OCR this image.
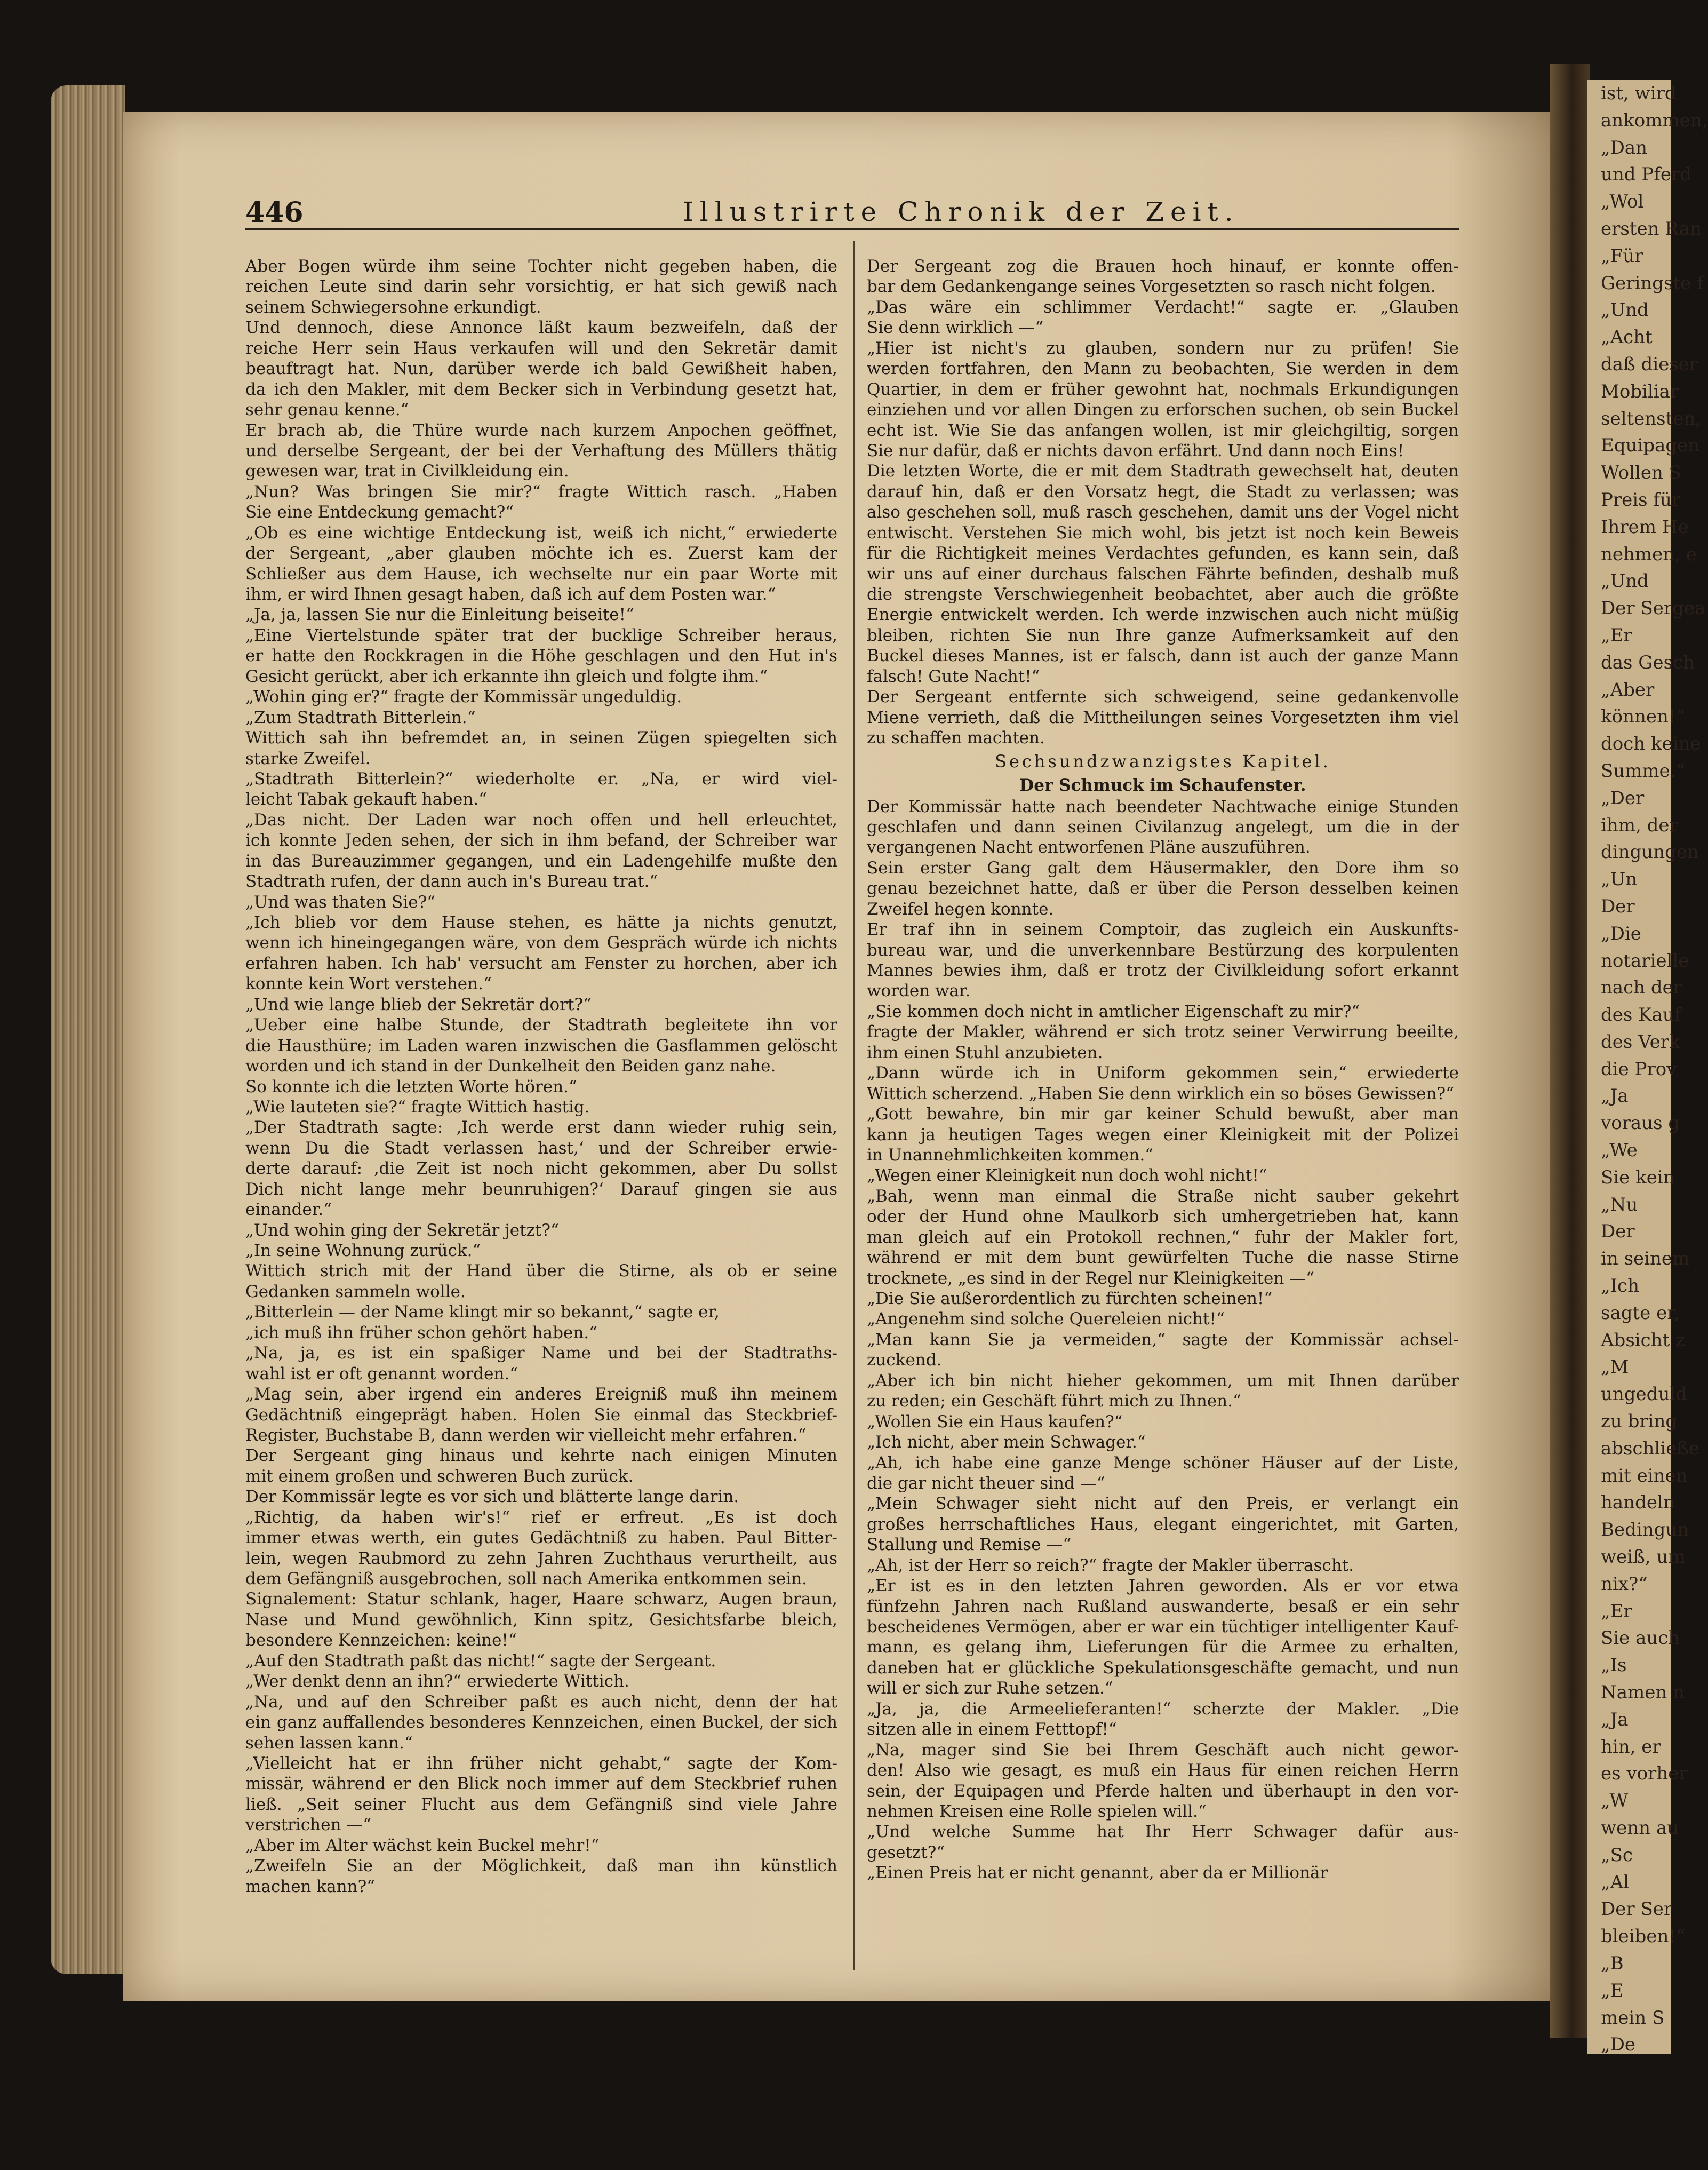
ist, wird
ankommen,
„Dan
und Pferd
„Wol
ersten Ran
„Für
Geringste f
„Und
„Acht
daß dieser
Mobiliar
seltensten,
Equipagen
Wollen S
Preis für
Ihrem He
nehmen, e
„Und
Der Sergea
„Er
das Gesch
„Aber
können!“
doch keine
Summe.“
„Der
ihm, der
dingungen
„Un
Der
„Die
notarielle
nach der
des Kauf
des Verk
die Prov
„Ja
voraus g
„We
Sie kein
„Nu
Der
in seinem
„Ich
sagte er,
Absicht z
„M
ungeduld
zu bring
abschließe
mit einen
handeln
Bedingun
weiß, um
nix?“
„Er
Sie auch
„Is
Namen n
„Ja
hin, er
es vorher
„W
wenn au
„Sc
„Al
Der Ser
bleiben!“
„B
„E
mein S
„De
446	Illustrirte Chronik der Zeit.
Aber Bogen würde ihm seine Tochter nicht gegeben haben, die
reichen Leute sind darin sehr vorsichtig, er hat sich gewiß nach
seinem Schwiegersohne erkundigt.
Und dennoch, diese Annonce läßt kaum bezweifeln, daß der
reiche Herr sein Haus verkaufen will und den Sekretär damit
beauftragt hat. Nun, darüber werde ich bald Gewißheit haben,
da ich den Makler, mit dem Becker sich in Verbindung gesetzt hat,
sehr genau kenne.“
Er brach ab, die Thüre wurde nach kurzem Anpochen geöffnet,
und derselbe Sergeant, der bei der Verhaftung des Müllers thätig
gewesen war, trat in Civilkleidung ein.
„Nun? Was bringen Sie mir?“ fragte Wittich rasch. „Haben
Sie eine Entdeckung gemacht?“
„Ob es eine wichtige Entdeckung ist, weiß ich nicht,“ erwiederte
der Sergeant, „aber glauben möchte ich es. Zuerst kam der
Schließer aus dem Hause, ich wechselte nur ein paar Worte mit
ihm, er wird Ihnen gesagt haben, daß ich auf dem Posten war.“
„Ja, ja, lassen Sie nur die Einleitung beiseite!“
„Eine Viertelstunde später trat der bucklige Schreiber heraus,
er hatte den Rockkragen in die Höhe geschlagen und den Hut in's
Gesicht gerückt, aber ich erkannte ihn gleich und folgte ihm.“
„Wohin ging er?“ fragte der Kommissär ungeduldig.
„Zum Stadtrath Bitterlein.“
Wittich sah ihn befremdet an, in seinen Zügen spiegelten sich
starke Zweifel.
„Stadtrath Bitterlein?“ wiederholte er. „Na, er wird viel-
leicht Tabak gekauft haben.“
„Das nicht. Der Laden war noch offen und hell erleuchtet,
ich konnte Jeden sehen, der sich in ihm befand, der Schreiber war
in das Bureauzimmer gegangen, und ein Ladengehilfe mußte den
Stadtrath rufen, der dann auch in's Bureau trat.“
„Und was thaten Sie?“
„Ich blieb vor dem Hause stehen, es hätte ja nichts genutzt,
wenn ich hineingegangen wäre, von dem Gespräch würde ich nichts
erfahren haben. Ich hab' versucht am Fenster zu horchen, aber ich
konnte kein Wort verstehen.“
„Und wie lange blieb der Sekretär dort?“
„Ueber eine halbe Stunde, der Stadtrath begleitete ihn vor
die Hausthüre; im Laden waren inzwischen die Gasflammen gelöscht
worden und ich stand in der Dunkelheit den Beiden ganz nahe.
So konnte ich die letzten Worte hören.“
„Wie lauteten sie?“ fragte Wittich hastig.
„Der Stadtrath sagte: ‚Ich werde erst dann wieder ruhig sein,
wenn Du die Stadt verlassen hast,‘ und der Schreiber erwie-
derte darauf: ‚die Zeit ist noch nicht gekommen, aber Du sollst
Dich nicht lange mehr beunruhigen?‘ Darauf gingen sie aus
einander.“
„Und wohin ging der Sekretär jetzt?“
„In seine Wohnung zurück.“
Wittich strich mit der Hand über die Stirne, als ob er seine
Gedanken sammeln wolle.
„Bitterlein — der Name klingt mir so bekannt,“ sagte er,
„ich muß ihn früher schon gehört haben.“
„Na, ja, es ist ein spaßiger Name und bei der Stadtraths-
wahl ist er oft genannt worden.“
„Mag sein, aber irgend ein anderes Ereigniß muß ihn meinem
Gedächtniß eingeprägt haben. Holen Sie einmal das Steckbrief-
Register, Buchstabe B, dann werden wir vielleicht mehr erfahren.“
Der Sergeant ging hinaus und kehrte nach einigen Minuten
mit einem großen und schweren Buch zurück.
Der Kommissär legte es vor sich und blätterte lange darin.
„Richtig, da haben wir's!“ rief er erfreut. „Es ist doch
immer etwas werth, ein gutes Gedächtniß zu haben. Paul Bitter-
lein, wegen Raubmord zu zehn Jahren Zuchthaus verurtheilt, aus
dem Gefängniß ausgebrochen, soll nach Amerika entkommen sein.
Signalement: Statur schlank, hager, Haare schwarz, Augen braun,
Nase und Mund gewöhnlich, Kinn spitz, Gesichtsfarbe bleich,
besondere Kennzeichen: keine!“
„Auf den Stadtrath paßt das nicht!“ sagte der Sergeant.
„Wer denkt denn an ihn?“ erwiederte Wittich.
„Na, und auf den Schreiber paßt es auch nicht, denn der hat
ein ganz auffallendes besonderes Kennzeichen, einen Buckel, der sich
sehen lassen kann.“
„Vielleicht hat er ihn früher nicht gehabt,“ sagte der Kom-
missär, während er den Blick noch immer auf dem Steckbrief ruhen
ließ. „Seit seiner Flucht aus dem Gefängniß sind viele Jahre
verstrichen —“
„Aber im Alter wächst kein Buckel mehr!“
„Zweifeln Sie an der Möglichkeit, daß man ihn künstlich
machen kann?“
Der Sergeant zog die Brauen hoch hinauf, er konnte offen-
bar dem Gedankengange seines Vorgesetzten so rasch nicht folgen.
„Das wäre ein schlimmer Verdacht!“ sagte er. „Glauben
Sie denn wirklich —“
„Hier ist nicht's zu glauben, sondern nur zu prüfen! Sie
werden fortfahren, den Mann zu beobachten, Sie werden in dem
Quartier, in dem er früher gewohnt hat, nochmals Erkundigungen
einziehen und vor allen Dingen zu erforschen suchen, ob sein Buckel
echt ist. Wie Sie das anfangen wollen, ist mir gleichgiltig, sorgen
Sie nur dafür, daß er nichts davon erfährt. Und dann noch Eins!
Die letzten Worte, die er mit dem Stadtrath gewechselt hat, deuten
darauf hin, daß er den Vorsatz hegt, die Stadt zu verlassen; was
also geschehen soll, muß rasch geschehen, damit uns der Vogel nicht
entwischt. Verstehen Sie mich wohl, bis jetzt ist noch kein Beweis
für die Richtigkeit meines Verdachtes gefunden, es kann sein, daß
wir uns auf einer durchaus falschen Fährte befinden, deshalb muß
die strengste Verschwiegenheit beobachtet, aber auch die größte
Energie entwickelt werden. Ich werde inzwischen auch nicht müßig
bleiben, richten Sie nun Ihre ganze Aufmerksamkeit auf den
Buckel dieses Mannes, ist er falsch, dann ist auch der ganze Mann
falsch! Gute Nacht!“
Der Sergeant entfernte sich schweigend, seine gedankenvolle
Miene verrieth, daß die Mittheilungen seines Vorgesetzten ihm viel
zu schaffen machten.
Sechsundzwanzigstes Kapitel.
Der Schmuck im Schaufenster.
Der Kommissär hatte nach beendeter Nachtwache einige Stunden
geschlafen und dann seinen Civilanzug angelegt, um die in der
vergangenen Nacht entworfenen Pläne auszuführen.
Sein erster Gang galt dem Häusermakler, den Dore ihm so
genau bezeichnet hatte, daß er über die Person desselben keinen
Zweifel hegen konnte.
Er traf ihn in seinem Comptoir, das zugleich ein Auskunfts-
bureau war, und die unverkennbare Bestürzung des korpulenten
Mannes bewies ihm, daß er trotz der Civilkleidung sofort erkannt
worden war.
„Sie kommen doch nicht in amtlicher Eigenschaft zu mir?“
fragte der Makler, während er sich trotz seiner Verwirrung beeilte,
ihm einen Stuhl anzubieten.
„Dann würde ich in Uniform gekommen sein,“ erwiederte
Wittich scherzend. „Haben Sie denn wirklich ein so böses Gewissen?“
„Gott bewahre, bin mir gar keiner Schuld bewußt, aber man
kann ja heutigen Tages wegen einer Kleinigkeit mit der Polizei
in Unannehmlichkeiten kommen.“
„Wegen einer Kleinigkeit nun doch wohl nicht!“
„Bah, wenn man einmal die Straße nicht sauber gekehrt
oder der Hund ohne Maulkorb sich umhergetrieben hat, kann
man gleich auf ein Protokoll rechnen,“ fuhr der Makler fort,
während er mit dem bunt gewürfelten Tuche die nasse Stirne
trocknete, „es sind in der Regel nur Kleinigkeiten —“
„Die Sie außerordentlich zu fürchten scheinen!“
„Angenehm sind solche Quereleien nicht!“
„Man kann Sie ja vermeiden,“ sagte der Kommissär achsel-
zuckend.
„Aber ich bin nicht hieher gekommen, um mit Ihnen darüber
zu reden; ein Geschäft führt mich zu Ihnen.“
„Wollen Sie ein Haus kaufen?“
„Ich nicht, aber mein Schwager.“
„Ah, ich habe eine ganze Menge schöner Häuser auf der Liste,
die gar nicht theuer sind —“
„Mein Schwager sieht nicht auf den Preis, er verlangt ein
großes herrschaftliches Haus, elegant eingerichtet, mit Garten,
Stallung und Remise —“
„Ah, ist der Herr so reich?“ fragte der Makler überrascht.
„Er ist es in den letzten Jahren geworden. Als er vor etwa
fünfzehn Jahren nach Rußland auswanderte, besaß er ein sehr
bescheidenes Vermögen, aber er war ein tüchtiger intelligenter Kauf-
mann, es gelang ihm, Lieferungen für die Armee zu erhalten,
daneben hat er glückliche Spekulationsgeschäfte gemacht, und nun
will er sich zur Ruhe setzen.“
„Ja, ja, die Armeelieferanten!“ scherzte der Makler. „Die
sitzen alle in einem Fetttopf!“
„Na, mager sind Sie bei Ihrem Geschäft auch nicht gewor-
den! Also wie gesagt, es muß ein Haus für einen reichen Herrn
sein, der Equipagen und Pferde halten und überhaupt in den vor-
nehmen Kreisen eine Rolle spielen will.“
„Und welche Summe hat Ihr Herr Schwager dafür aus-
gesetzt?“
„Einen Preis hat er nicht genannt, aber da er Millionär
